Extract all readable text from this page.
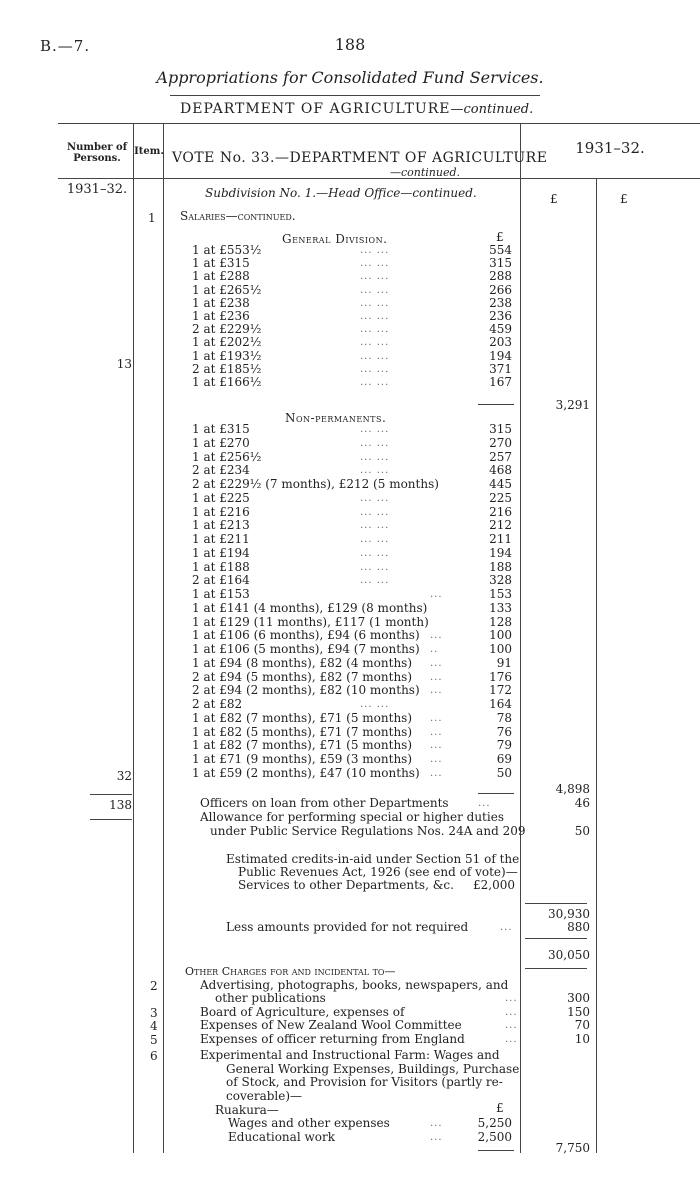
B.—7.	188
Appropriations for Consolidated Fund Services.
DEPARTMENT OF AGRICULTURE—continued.
Number of Persons.
Item. VOTE No. 33.—DEPARTMENT OF AGRICULTURE
—continued.
1931–32.
1931–32.
£	£
Subdivision No. 1.—Head Office—continued.
1 Salaries—continued.
General Division.	£
1 at £553½	... ...	554
1 at £315	... ...	315
1 at £288	... ...	288
1 at £265½	... ...	266
1 at £238	... ...	238
1 at £236	... ...	236
2 at £229½	... ...	459
1 at £202½	... ...	203
1 at £193½	... ...	194
2 at £185½	... ...	371
1 at £166½	... ...	167
13
3,291
Non-permanents.
1 at £315	... ...	315
1 at £270	... ...	270
1 at £256½	... ...	257
2 at £234	... ...	468
2 at £229½ (7 months), £212 (5 months)	445
1 at £225	... ...	225
1 at £216	... ...	216
1 at £213	... ...	212
1 at £211	... ...	211
1 at £194	... ...	194
1 at £188	... ...	188
2 at £164	... ...	328
1 at £153	...	153
1 at £141 (4 months), £129 (8 months)	133
1 at £129 (11 months), £117 (1 month)	128
1 at £106 (6 months), £94 (6 months) ...	100
1 at £106 (5 months), £94 (7 months) ..	100
1 at £94 (8 months), £82 (4 months) ...	91
2 at £94 (5 months), £82 (7 months) ...	176
2 at £94 (2 months), £82 (10 months) ...	172
2 at £82	... ...	164
1 at £82 (7 months), £71 (5 months) ...	78
1 at £82 (5 months), £71 (7 months) ...	76
1 at £82 (7 months), £71 (5 months) ...	79
1 at £71 (9 months), £59 (3 months) ...	69
1 at £59 (2 months), £47 (10 months) ...	50
32
4,898
138	Officers on loan from other Departments	...	46
Allowance for performing special or higher duties
under Public Service Regulations Nos. 24A and 209	50
Estimated credits-in-aid under Section 51 of the
Public Revenues Act, 1926 (see end of vote)—
Services to other Departments, &c.	£2,000
30,930
Less amounts provided for not required	...	880
30,050
Other Charges for and incidental to—
2	Advertising, photographs, books, newspapers, and
other publications	...	300
3	Board of Agriculture, expenses of	...	150
4	Expenses of New Zealand Wool Committee	...	70
5	Expenses of officer returning from England	...	10
6	Experimental and Instructional Farm: Wages and
General Working Expenses, Buildings, Purchase
of Stock, and Provision for Visitors (partly re-
coverable)—
Ruakura—	£
Wages and other expenses	...	5,250
Educational work	...	2,500
7,750
